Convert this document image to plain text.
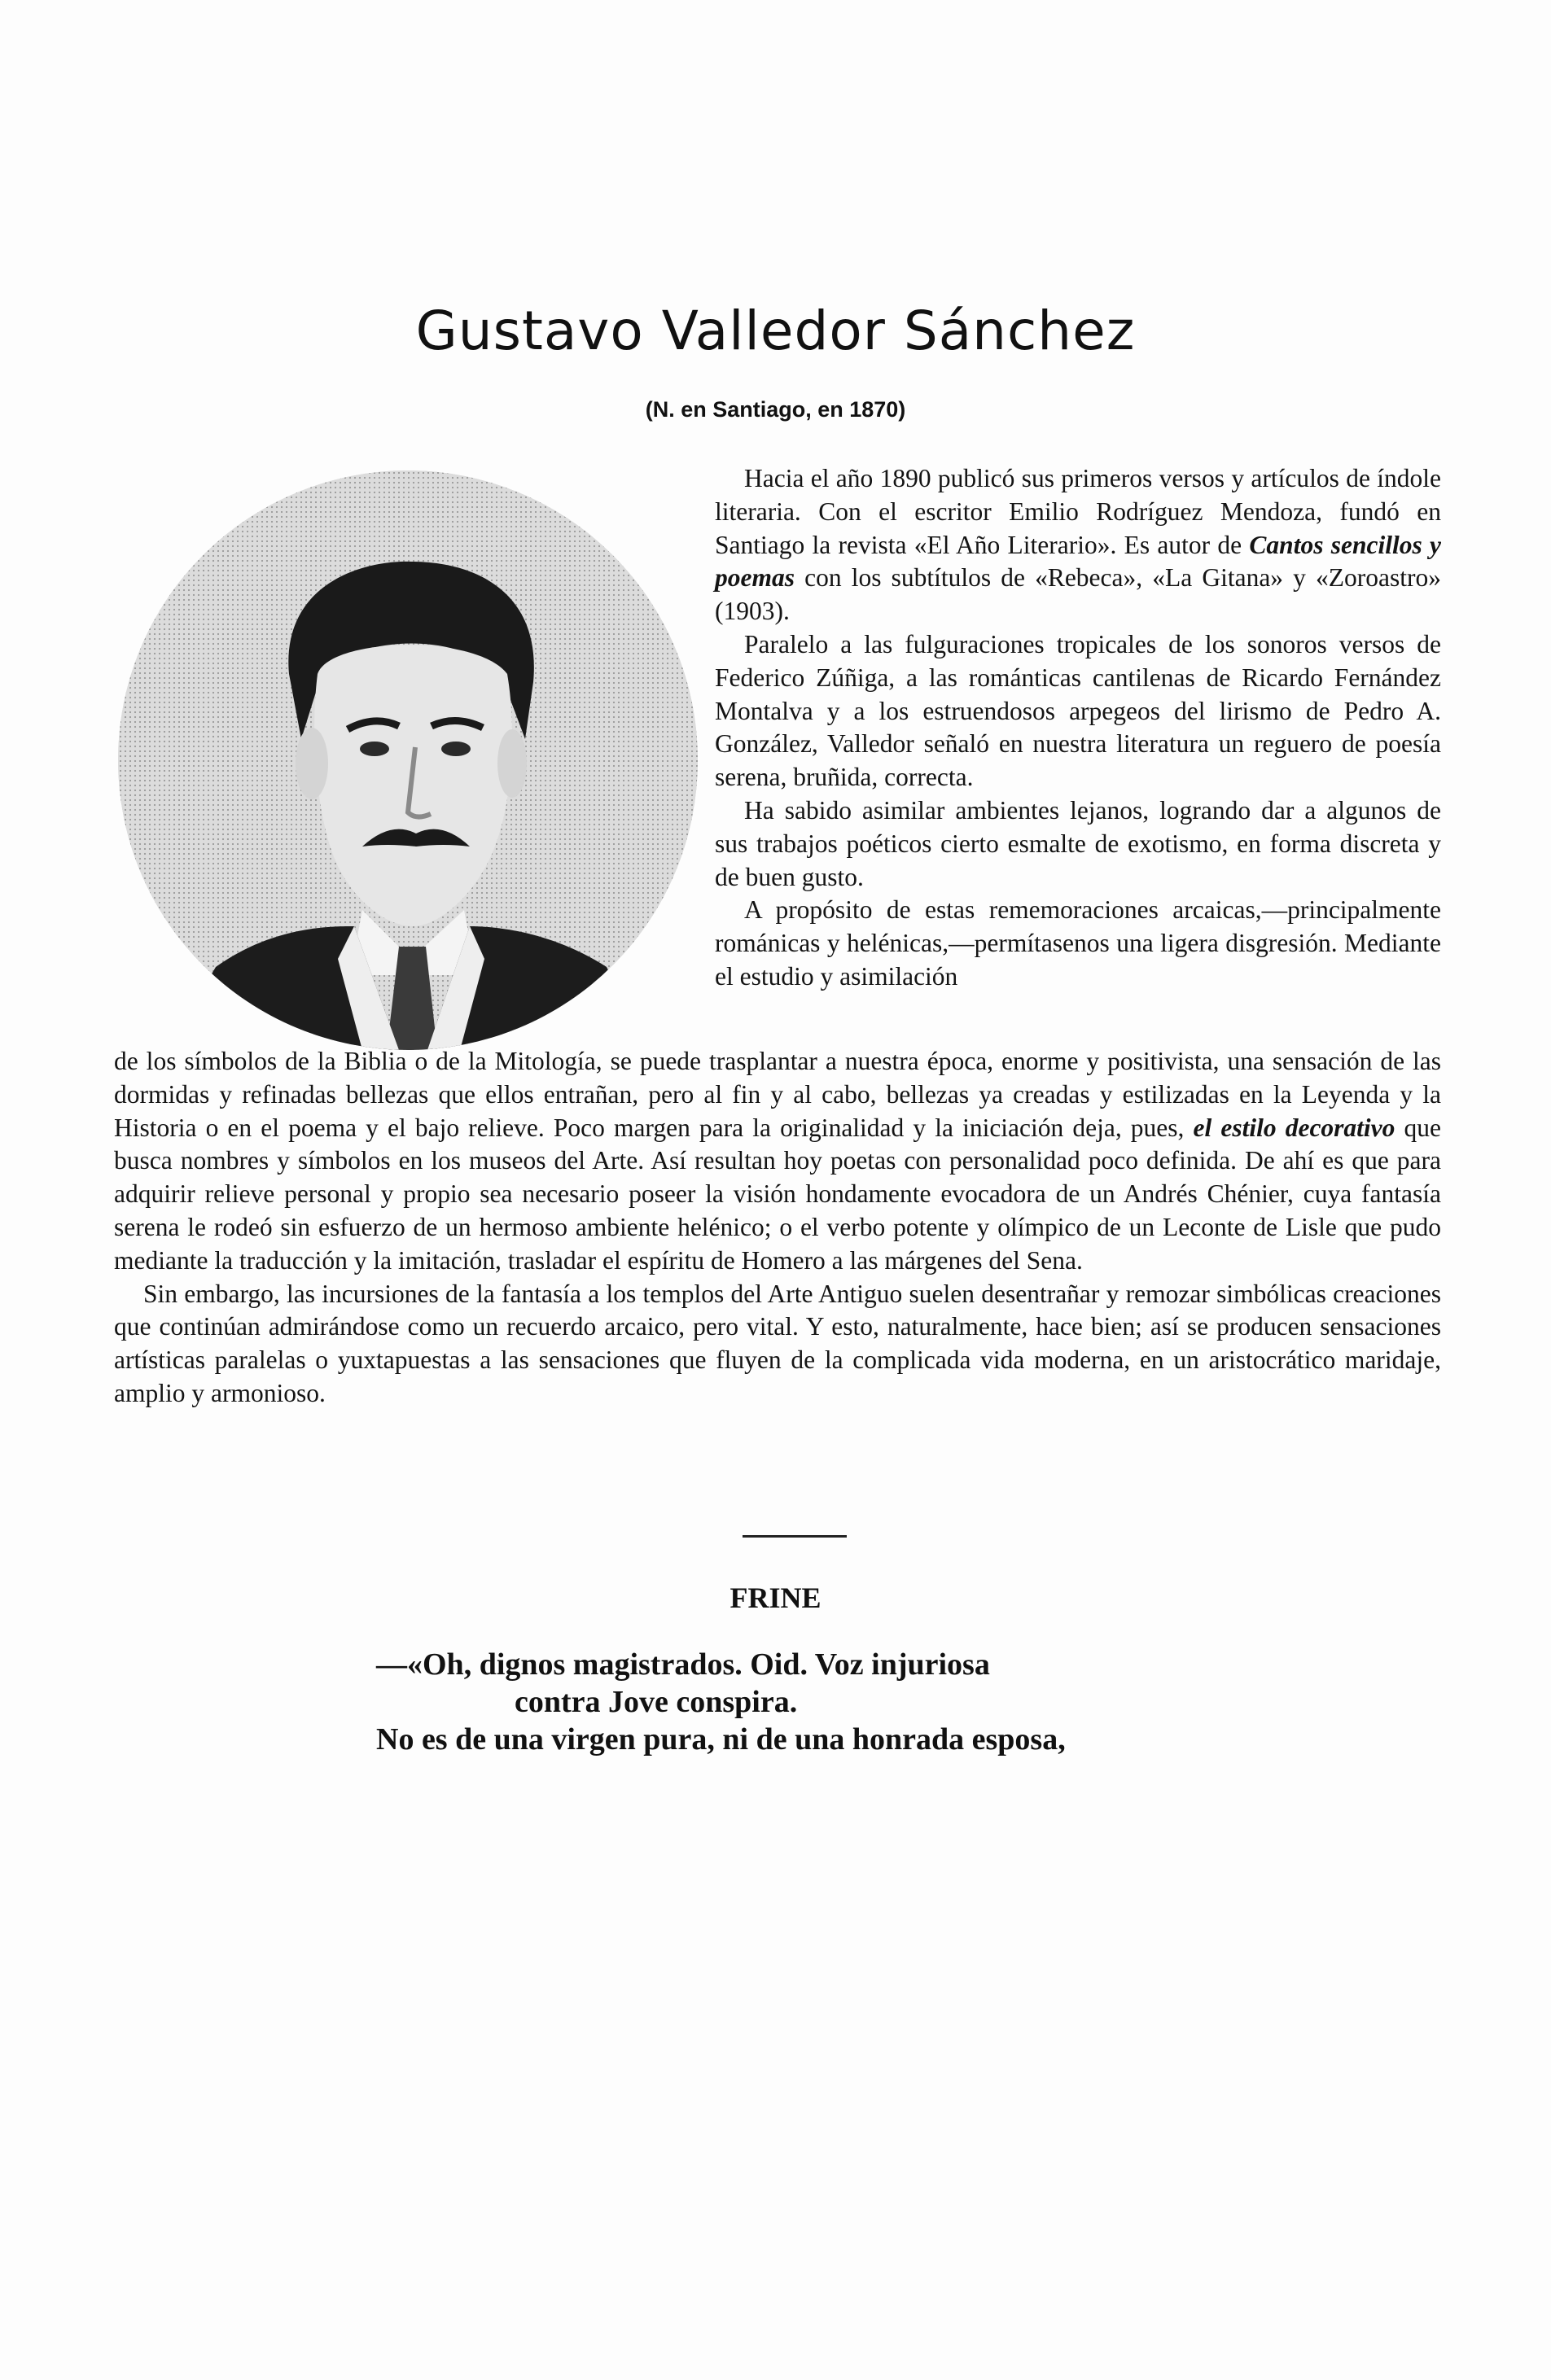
Gustavo Valledor Sánchez
(N. en Santiago, en 1870)

Hacia el año 1890 publicó sus primeros versos y artículos de índole literaria. Con el escritor Emilio Rodríguez Mendoza, fundó en Santiago la revista «El Año Literario». Es autor de Cantos sencillos y poemas con los subtítulos de «Rebeca», «La Gitana» y «Zoroastro» (1903).

Paralelo a las fulguraciones tropicales de los sonoros versos de Federico Zúñiga, a las románticas cantilenas de Ricardo Fernández Montalva y a los estruendosos arpegeos del lirismo de Pedro A. González, Valledor señaló en nuestra literatura un reguero de poesía serena, bruñida, correcta.

Ha sabido asimilar ambientes lejanos, logrando dar a algunos de sus trabajos poéticos cierto esmalte de exotismo, en forma discreta y de buen gusto.

A propósito de estas rememoraciones arcaicas,—principalmente románicas y helénicas,—permítasenos una ligera disgresión. Mediante el estudio y asimilación

de los símbolos de la Biblia o de la Mitología, se puede trasplantar a nuestra época, enorme y positivista, una sensación de las dormidas y refinadas bellezas que ellos entrañan, pero al fin y al cabo, bellezas ya creadas y estilizadas en la Leyenda y la Historia o en el poema y el bajo relieve. Poco margen para la originalidad y la iniciación deja, pues, el estilo decorativo que busca nombres y símbolos en los museos del Arte. Así resultan hoy poetas con personalidad poco definida. De ahí es que para adquirir relieve personal y propio sea necesario poseer la visión hondamente evocadora de un Andrés Chénier, cuya fantasía serena le rodeó sin esfuerzo de un hermoso ambiente helénico; o el verbo potente y olímpico de un Leconte de Lisle que pudo mediante la traducción y la imitación, trasladar el espíritu de Homero a las márgenes del Sena.

Sin embargo, las incursiones de la fantasía a los templos del Arte Antiguo suelen desentrañar y remozar simbólicas creaciones que continúan admirándose como un recuerdo arcaico, pero vital. Y esto, naturalmente, hace bien; así se producen sensaciones artísticas paralelas o yuxtapuestas a las sensaciones que fluyen de la complicada vida moderna, en un aristocrático maridaje, amplio y armonioso.

FRINE
—«Oh, dignos magistrados. Oid. Voz injuriosa
contra Jove conspira.
No es de una virgen pura, ni de una honrada esposa,
